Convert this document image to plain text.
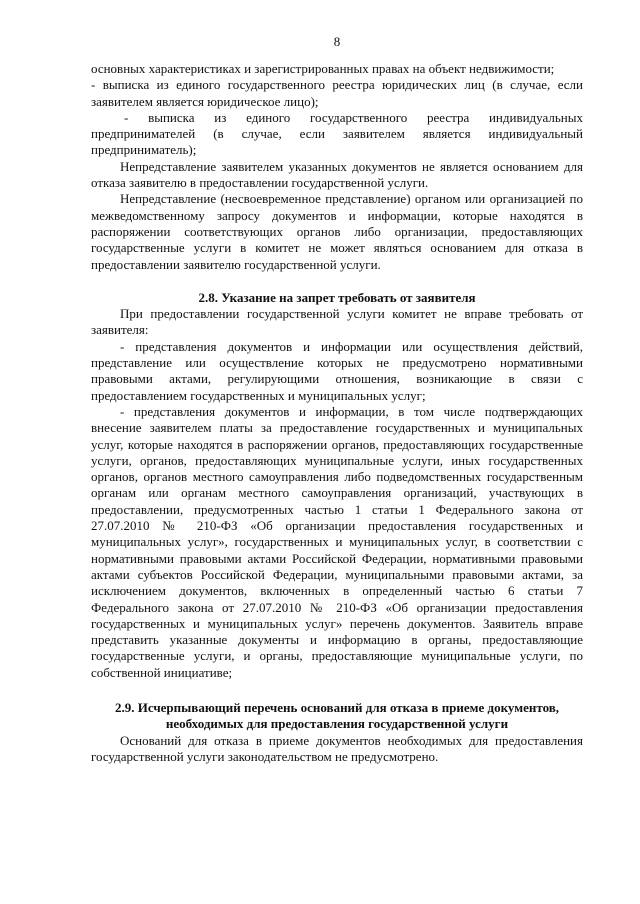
8

основных характеристиках и зарегистрированных правах на объект недвижимости;

- выписка из единого государственного реестра юридических лиц (в случае, если заявителем является юридическое лицо);

- выписка из единого государственного реестра индивидуальных предпринимателей (в случае, если заявителем является индивидуальный предприниматель);

Непредставление заявителем указанных документов не является основанием для отказа заявителю в предоставлении государственной услуги.

Непредставление (несвоевременное представление) органом или организацией по межведомственному запросу документов и информации, которые находятся в распоряжении соответствующих органов либо организации, предоставляющих государственные услуги в комитет не может являться основанием для отказа в предоставлении заявителю государственной услуги.

2.8. Указание на запрет требовать от заявителя

При предоставлении государственной услуги комитет не вправе требовать от заявителя:

- представления документов и информации или осуществления действий, представление или осуществление которых не предусмотрено нормативными правовыми актами, регулирующими отношения, возникающие в связи с предоставлением государственных и муниципальных услуг;

- представления документов и информации, в том числе подтверждающих внесение заявителем платы за предоставление государственных и муниципальных услуг, которые находятся в распоряжении органов, предоставляющих государственные услуги, органов, предоставляющих муниципальные услуги, иных государственных органов, органов местного самоуправления либо подведомственных государственным органам или органам местного самоуправления организаций, участвующих в предоставлении, предусмотренных частью 1 статьи 1 Федерального закона от 27.07.2010 № 210-ФЗ «Об организации предоставления государственных и муниципальных услуг», государственных и муниципальных услуг, в соответствии с нормативными правовыми актами Российской Федерации, нормативными правовыми актами субъектов Российской Федерации, муниципальными правовыми актами, за исключением документов, включенных в определенный частью 6 статьи 7 Федерального закона от 27.07.2010 № 210-ФЗ «Об организации предоставления государственных и муниципальных услуг» перечень документов. Заявитель вправе представить указанные документы и информацию в органы, предоставляющие государственные услуги, и органы, предоставляющие муниципальные услуги, по собственной инициативе;

2.9. Исчерпывающий перечень оснований для отказа в приеме документов,

необходимых для предоставления государственной услуги

Оснований для отказа в приеме документов необходимых для предоставления государственной услуги законодательством не предусмотрено.
